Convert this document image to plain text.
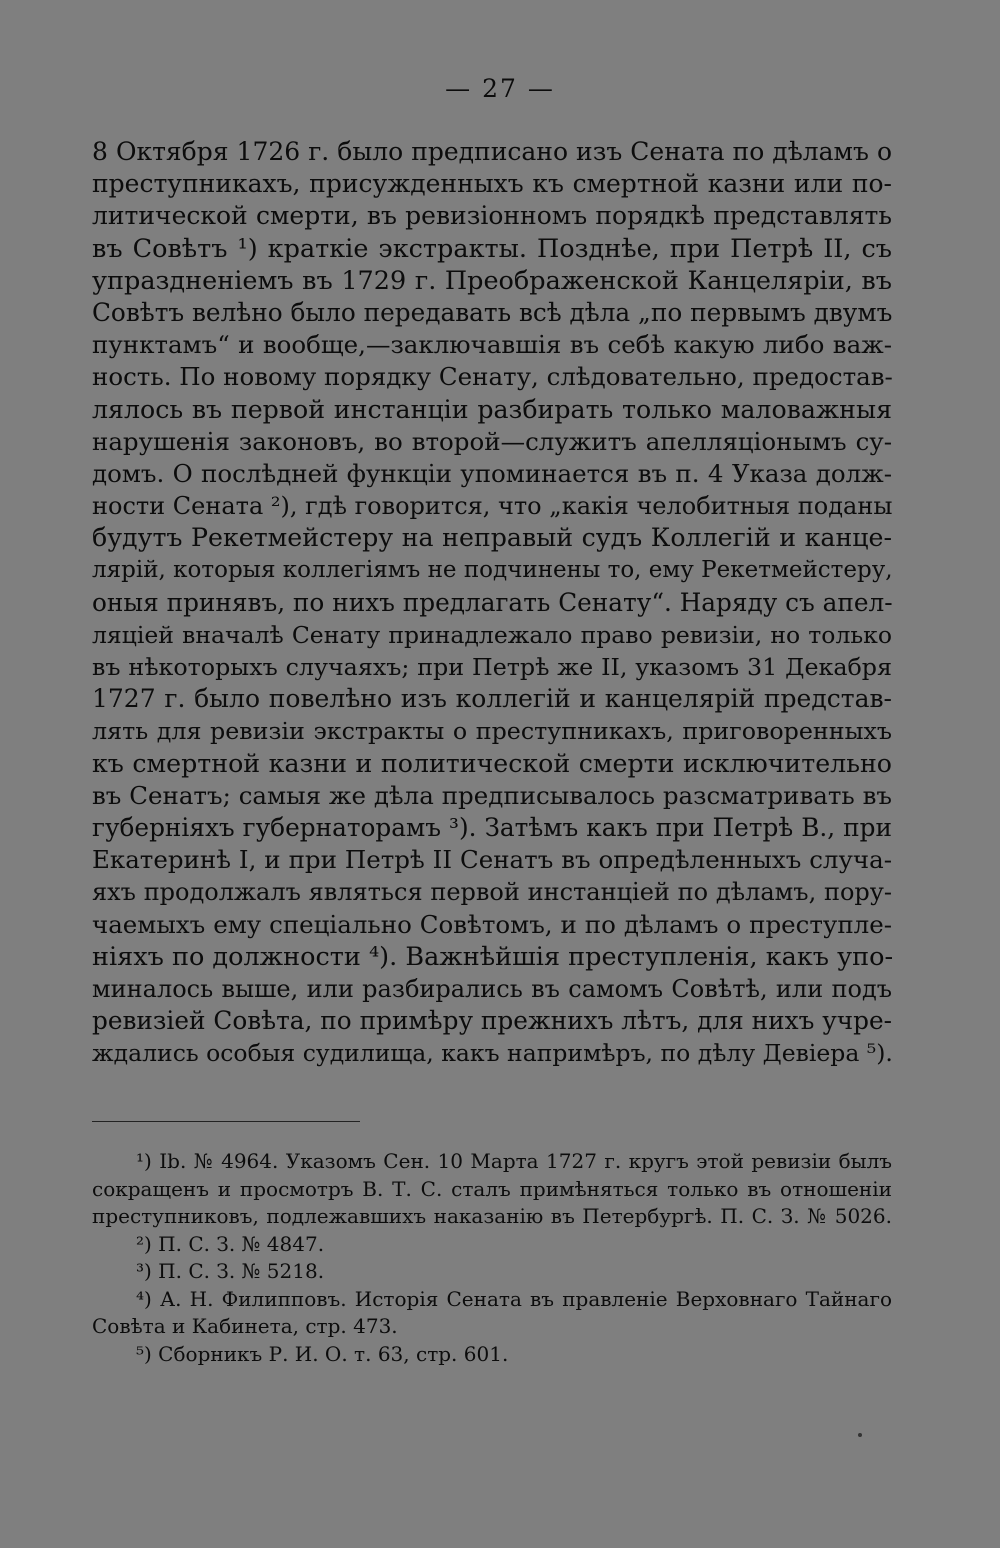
— 27 —
8 Октября 1726 г. было предписано изъ Сената по дѣламъ о
преступникахъ, присужденныхъ къ смертной казни или по-
литической смерти, въ ревизіонномъ порядкѣ представлять
въ Совѣтъ ¹) краткіе экстракты. Позднѣе, при Петрѣ II, съ
упраздненіемъ въ 1729 г. Преображенской Канцеляріи, въ
Совѣтъ велѣно было передавать всѣ дѣла „по первымъ двумъ
пунктамъ“ и вообще,—заключавшія въ себѣ какую либо важ-
ность. По новому порядку Сенату, слѣдовательно, предостав-
лялось въ первой инстанціи разбирать только маловажныя
нарушенія законовъ, во второй—служитъ апелляціонымъ су-
домъ. О послѣдней функціи упоминается въ п. 4 Указа долж-
ности Сената ²), гдѣ говорится, что „какія челобитныя поданы
будутъ Рекетмейстеру на неправый судъ Коллегій и канце-
лярій, которыя коллегіямъ не подчинены то, ему Рекетмейстеру,
оныя принявъ, по нихъ предлагать Сенату“. Наряду съ апел-
ляціей вначалѣ Сенату принадлежало право ревизіи, но только
въ нѣкоторыхъ случаяхъ; при Петрѣ же II, указомъ 31 Декабря
1727 г. было повелѣно изъ коллегій и канцелярій представ-
лять для ревизіи экстракты о преступникахъ, приговоренныхъ
къ смертной казни и политической смерти исключительно
въ Сенатъ; самыя же дѣла предписывалось разсматривать въ
губерніяхъ губернаторамъ ³). Затѣмъ какъ при Петрѣ В., при
Екатеринѣ I, и при Петрѣ II Сенатъ въ опредѣленныхъ случа-
яхъ продолжалъ являться первой инстанціей по дѣламъ, пору-
чаемыхъ ему спеціально Совѣтомъ, и по дѣламъ о преступле-
ніяхъ по должности ⁴). Важнѣйшія преступленія, какъ упо-
миналось выше, или разбирались въ самомъ Совѣтѣ, или подъ
ревизіей Совѣта, по примѣру прежнихъ лѣтъ, для нихъ учре-
ждались особыя судилища, какъ напримѣръ, по дѣлу Девіера ⁵).
¹) Ib. № 4964. Указомъ Сен. 10 Марта 1727 г. кругъ этой ревизіи былъ
сокращенъ и просмотръ В. Т. С. сталъ примѣняться только въ отношеніи
преступниковъ, подлежавшихъ наказанію въ Петербургѣ. П. С. З. № 5026.
²) П. С. З. № 4847.
³) П. С. З. № 5218.
⁴) А. Н. Филипповъ. Исторія Сената въ правленіе Верховнаго Тайнаго
Совѣта и Кабинета, стр. 473.
⁵) Сборникъ Р. И. О. т. 63, стр. 601.
